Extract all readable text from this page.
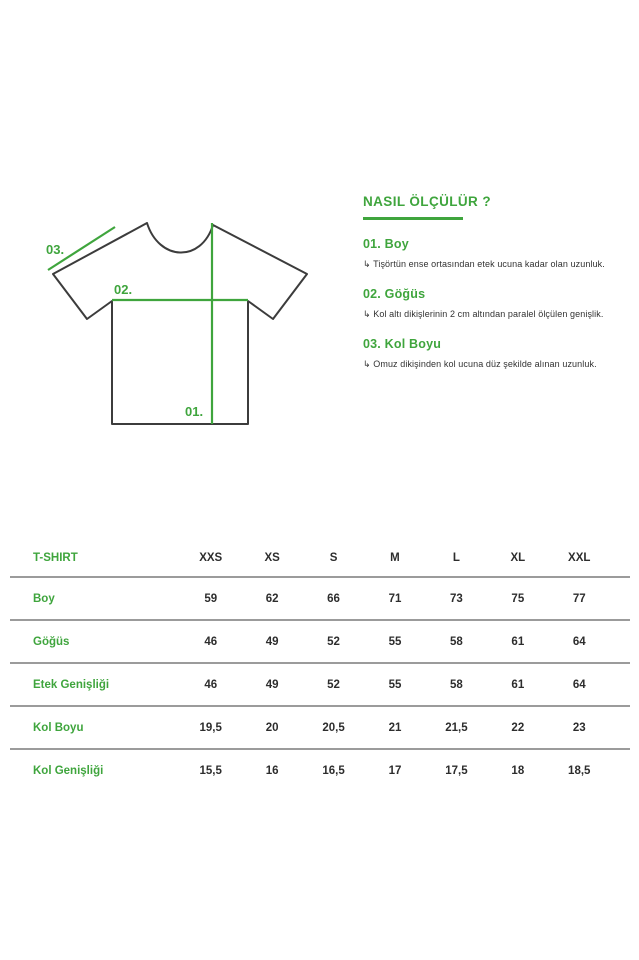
03.
02.
01.
NASIL ÖLÇÜLÜR ?
01. Boy
↳ Tişörtün ense ortasından etek ucuna kadar olan uzunluk.
02. Göğüs
↳ Kol altı dikişlerinin 2 cm altından paralel ölçülen genişlik.
03. Kol Boyu
↳ Omuz dikişinden kol ucuna düz şekilde alınan uzunluk.
T-SHIRT	XXS	XS	S	M	L	XL	XXL
Boy	59	62	66	71	73	75	77
Göğüs	46	49	52	55	58	61	64
Etek Genişliği	46	49	52	55	58	61	64
Kol Boyu	19,5	20	20,5	21	21,5	22	23
Kol Genişliği	15,5	16	16,5	17	17,5	18	18,5
